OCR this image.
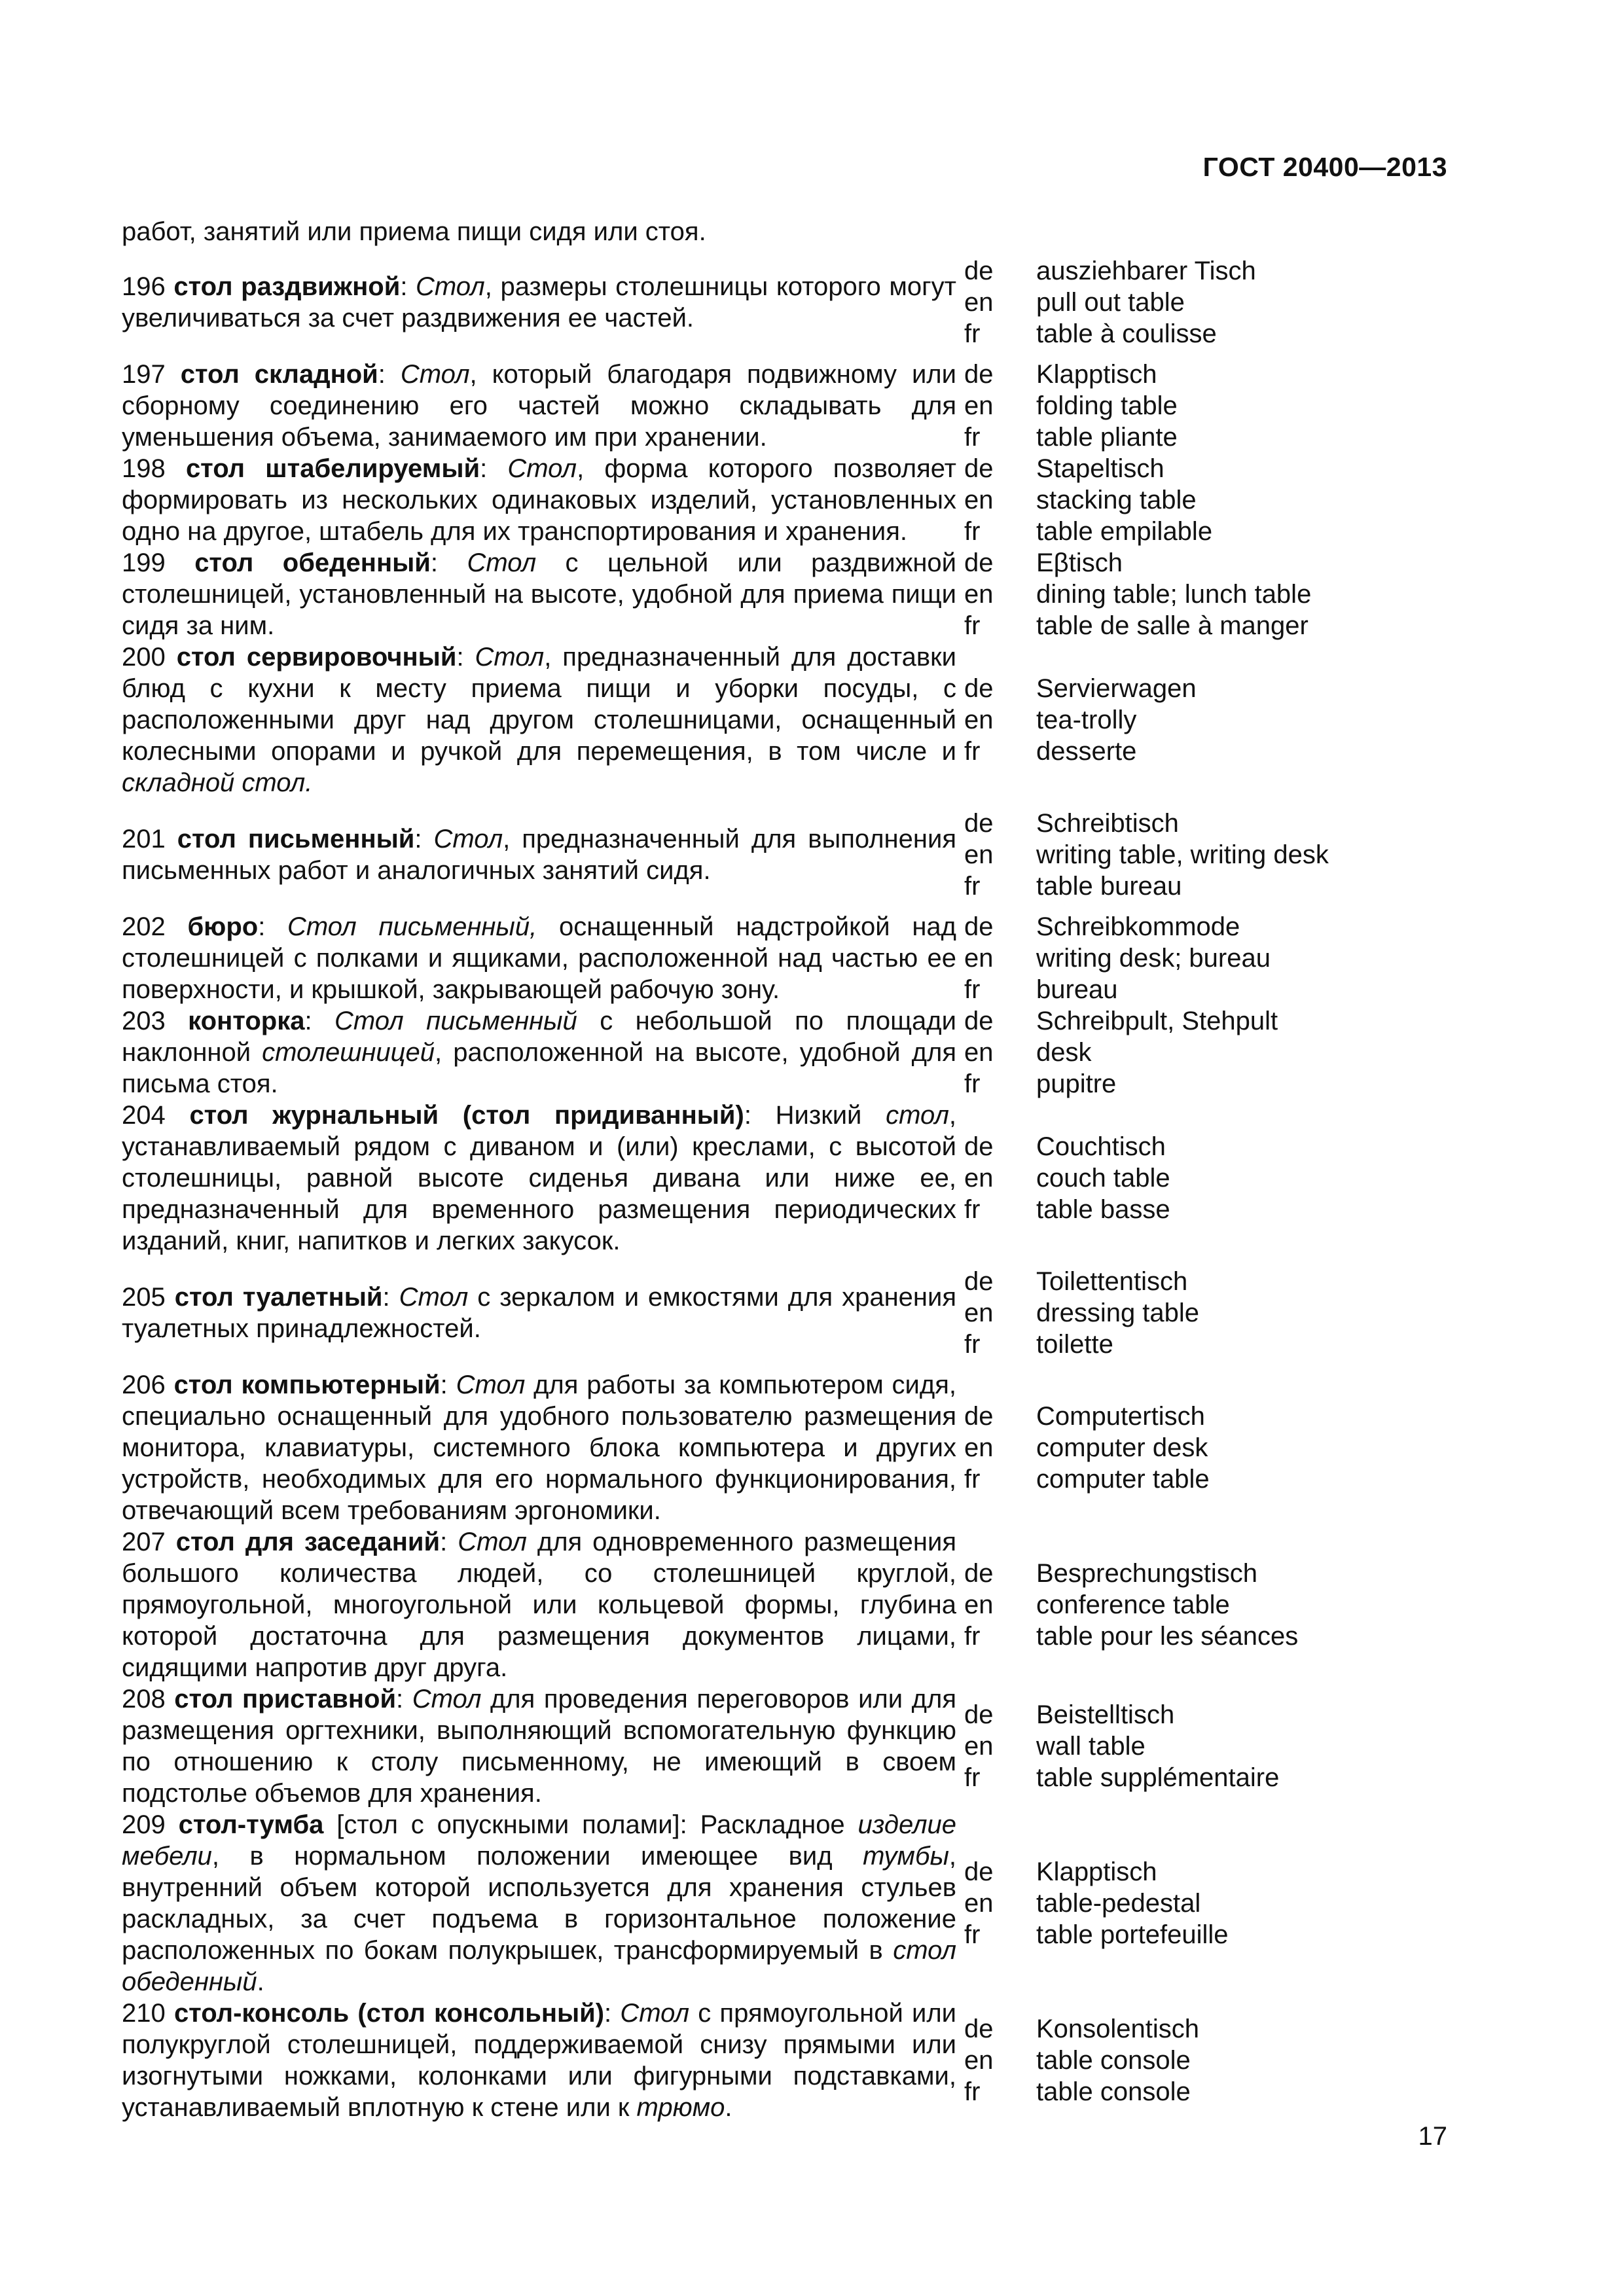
ГОСТ 20400—2013
работ, занятий или приема пищи сидя или стоя.
196 стол раздвижной: Стол, размеры столешницы которого могут увеличиваться за счет раздвижения ее частей.
de
en
fr
ausziehbarer Tisch
pull out table
table à coulisse
197 стол складной: Стол, который благодаря подвижному или сборному соединению его частей можно складывать для уменьшения объема, занимаемого им при хранении.
de
en
fr
Klapptisch
folding table
table pliante
198 стол штабелируемый: Стол, форма которого позволяет формировать из нескольких одинаковых изделий, установленных одно на другое, штабель для их транспортирования и хранения.
de
en
fr
Stapeltisch
stacking table
table empilable
199 стол обеденный: Стол с цельной или раздвижной столешницей, установленный на высоте, удобной для приема пищи сидя за ним.
de
en
fr
Eβtisch
dining table; lunch table
table de salle à manger
200 стол сервировочный: Стол, предназначенный для доставки блюд с кухни к месту приема пищи и уборки посуды, с расположенными друг над другом столешницами, оснащенный колесными опорами и ручкой для перемещения, в том числе и складной стол.
de
en
fr
Servierwagen
tea-trolly
desserte
201 стол письменный: Стол, предназначенный для выполнения письменных работ и аналогичных занятий сидя.
de
en
fr
Schreibtisch
writing table, writing desk
table bureau
202 бюро: Стол письменный, оснащенный надстройкой над столешницей с полками и ящиками, расположенной над частью ее поверхности, и крышкой, закрывающей рабочую зону.
de
en
fr
Schreibkommode
writing desk; bureau
bureau
203 конторка: Стол письменный с небольшой по площади наклонной столешницей, расположенной на высоте, удобной для письма стоя.
de
en
fr
Schreibpult, Stehpult
desk
pupitre
204 стол журнальный (стол придиванный): Низкий стол, устанавливаемый рядом с диваном и (или) креслами, с высотой столешницы, равной высоте сиденья дивана или ниже ее, предназначенный для временного размещения периодических изданий, книг, напитков и легких закусок.
de
en
fr
Couchtisch
couch table
table basse
205 стол туалетный: Стол с зеркалом и емкостями для хранения туалетных принадлежностей.
de
en
fr
Toilettentisch
dressing table
toilette
206 стол компьютерный: Стол для работы за компьютером сидя, специально оснащенный для удобного пользователю размещения монитора, клавиатуры, системного блока компьютера и других устройств, необходимых для его нормального функционирования, отвечающий всем требованиям эргономики.
de
en
fr
Computertisch
computer desk
computer table
207 стол для заседаний: Стол для одновременного размещения большого количества людей, со столешницей круглой, прямоугольной, многоугольной или кольцевой формы, глубина которой достаточна для размещения документов лицами, сидящими напротив друг друга.
de
en
fr
Besprechungstisch
conference table
table pour les séances
208 стол приставной: Стол для проведения переговоров или для размещения оргтехники, выполняющий вспомогательную функцию по отношению к столу письменному, не имеющий в своем подстолье объемов для хранения.
de
en
fr
Beistelltisch
wall table
table supplémentaire
209 стол-тумба [стол с опускными полами]: Раскладное изделие мебели, в нормальном положении имеющее вид тумбы, внутренний объем которой используется для хранения стульев раскладных, за счет подъема в горизонтальное положение расположенных по бокам полукрышек, трансформируемый в стол обеденный.
de
en
fr
Klapptisch
table-pedestal
table portefeuille
210 стол-консоль (стол консольный): Стол с прямоугольной или полукруглой столешницей, поддерживаемой снизу прямыми или изогнутыми ножками, колонками или фигурными подставками, устанавливаемый вплотную к стене или к трюмо.
de
en
fr
Konsolentisch
table console
table console
17
